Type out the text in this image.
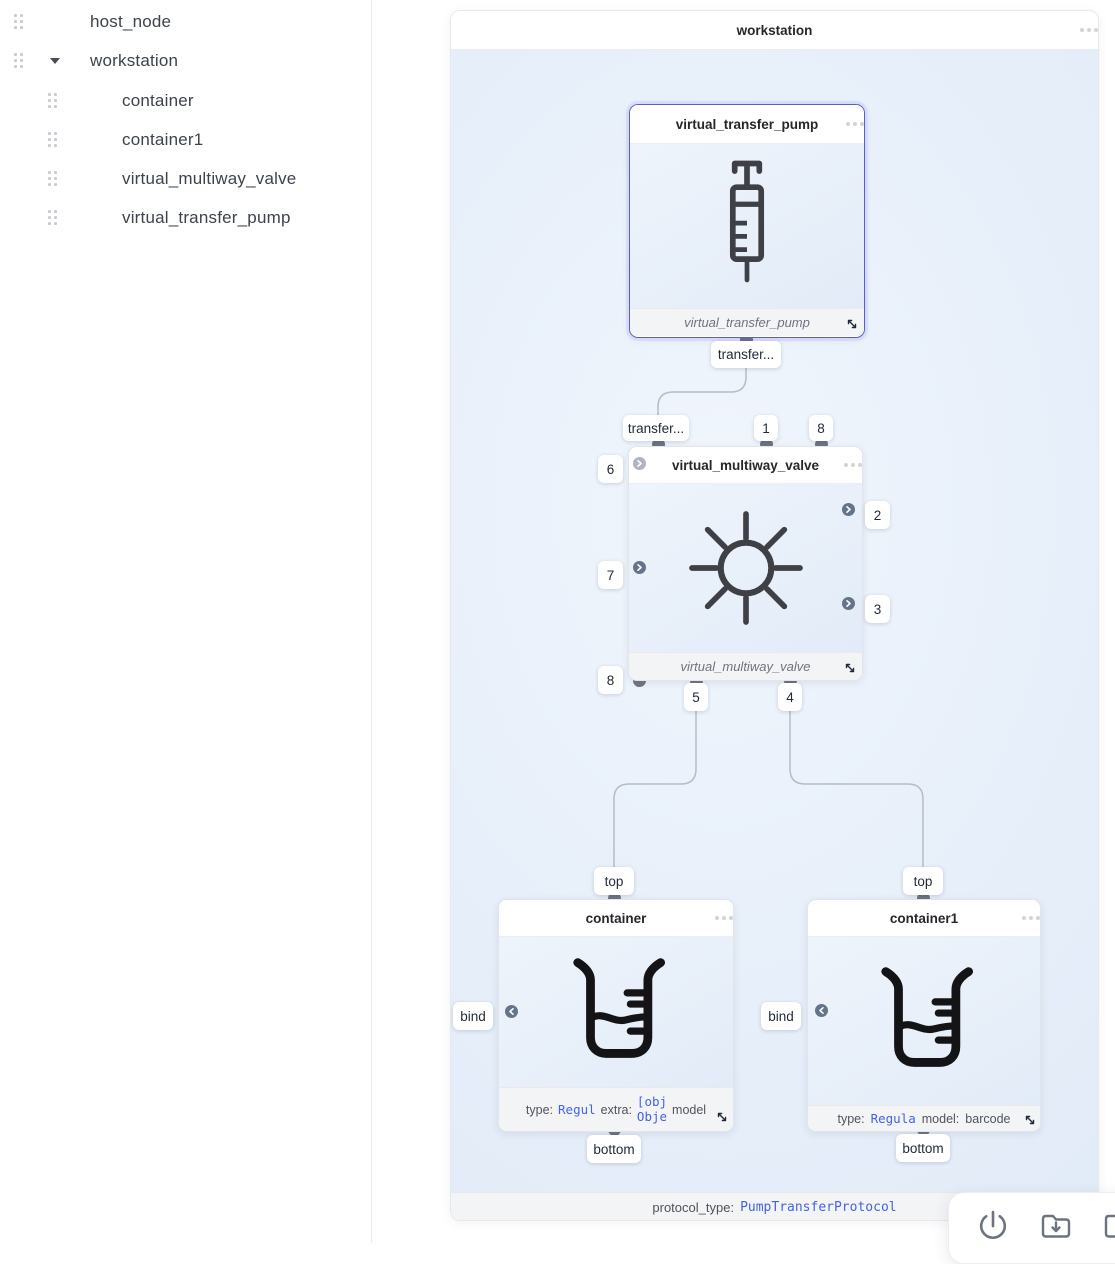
host_node
workstation
container
container1
virtual_multiway_valve
virtual_transfer_pump
virtual_transfer_pump
virtual_transfer_pump
virtual_multiway_valve
virtual_multiway_valve
container
type: Regul extra:
[obj
Obje model
container1
type: Regula model: barcode
transfer...
transfer...	1	8
6
2
7
3
8
5	4
top
bind
bottom
top
bind
bottom
workstation
protocol_type: PumpTransferProtocol
